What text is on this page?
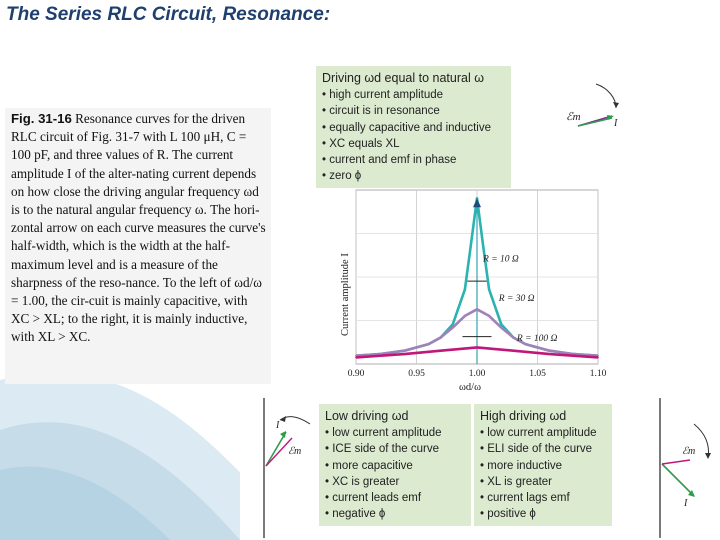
The Series RLC Circuit, Resonance:
Fig. 31-16 Resonance curves for the driven RLC circuit of Fig. 31-7 with L 100 μH, C = 100 pF, and three values of R. The current amplitude I of the alter-nating current depends on how close the driving angular frequency ωd is to the natural angular frequency ω. The hori-zontal arrow on each curve measures the curve's half-width, which is the width at the half-maximum level and is a measure of the sharpness of the reso-nance. To the left of ωd/ω = 1.00, the cir-cuit is mainly capacitive, with XC > XL; to the right, it is mainly inductive, with XL > XC.
Driving ωd equal to natural ω
• high current amplitude
• circuit is in resonance
• equally capacitive and inductive
• XC equals XL
• current and emf in phase
• zero ϕ
Low driving ωd
• low current amplitude
• ICE side of the curve
• more capacitive
• XC is greater
• current leads emf
• negative ϕ
High driving ωd
• low current amplitude
• ELI side of the curve
• more inductive
• XL is greater
• current lags emf
• positive ϕ
0.90	0.95	1.00	1.05	1.10
R = 10 Ω
R = 30 Ω
R = 100 Ω
Current amplitude I
ωd/ω
ℰm
I
I
ℰm	ℰm
I
